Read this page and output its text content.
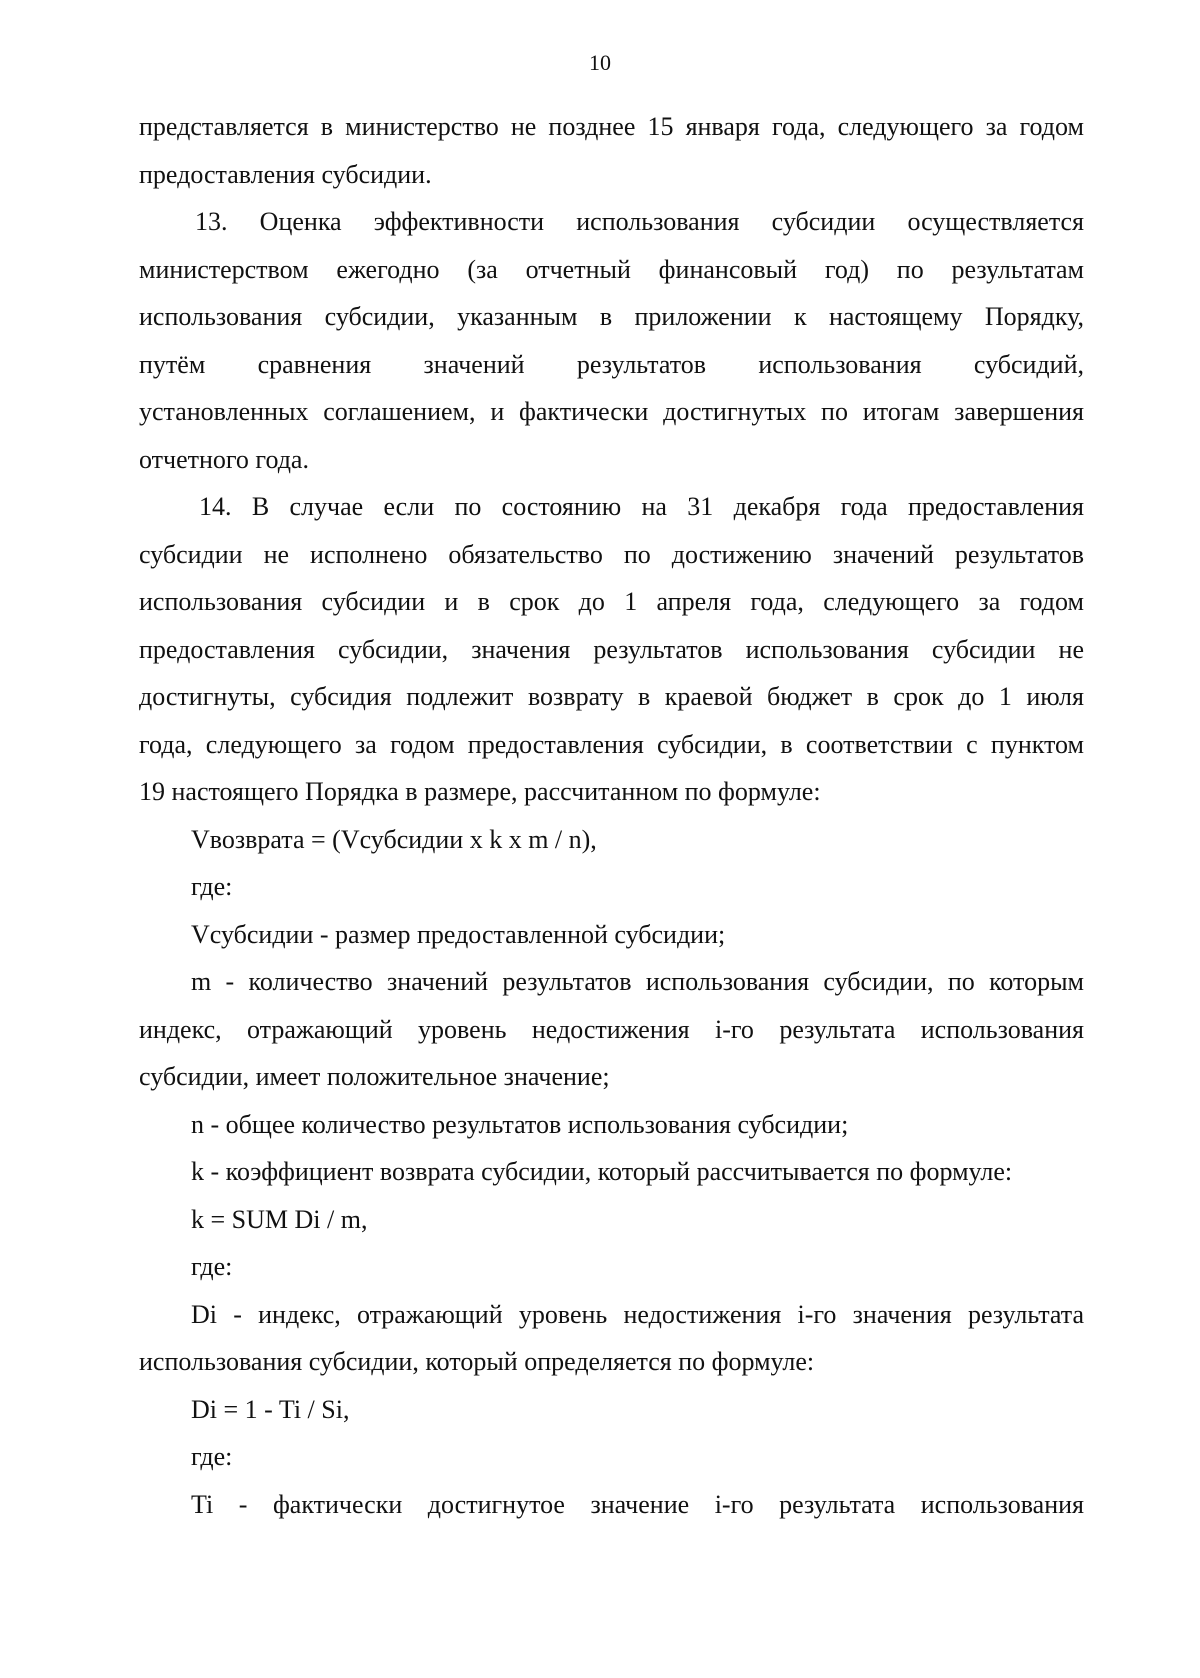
10
представляется в министерство не позднее 15 января года, следующего за годом
предоставления субсидии.
13. Оценка эффективности использования субсидии осуществляется
министерством ежегодно (за отчетный финансовый год) по результатам
использования субсидии, указанным в приложении к настоящему Порядку,
путём сравнения значений результатов использования субсидий,
установленных соглашением, и фактически достигнутых по итогам завершения
отчетного года.
14. В случае если по состоянию на 31 декабря года предоставления
субсидии не исполнено обязательство по достижению значений результатов
использования субсидии и в срок до 1 апреля года, следующего за годом
предоставления субсидии, значения результатов использования субсидии не
достигнуты, субсидия подлежит возврату в краевой бюджет в срок до 1 июля
года, следующего за годом предоставления субсидии, в соответствии с пунктом
19 настоящего Порядка в размере, рассчитанном по формуле:
Vвозврата = (Vсубсидии x k x m / n),
где:
Vсубсидии - размер предоставленной субсидии;
m - количество значений результатов использования субсидии, по которым
индекс, отражающий уровень недостижения i-го результата использования
субсидии, имеет положительное значение;
n - общее количество результатов использования субсидии;
k - коэффициент возврата субсидии, который рассчитывается по формуле:
k = SUM Di / m,
где:
Di - индекс, отражающий уровень недостижения i-го значения результата
использования субсидии, который определяется по формуле:
Di = 1 - Ti / Si,
где:
Ti - фактически достигнутое значение i-го результата использования
